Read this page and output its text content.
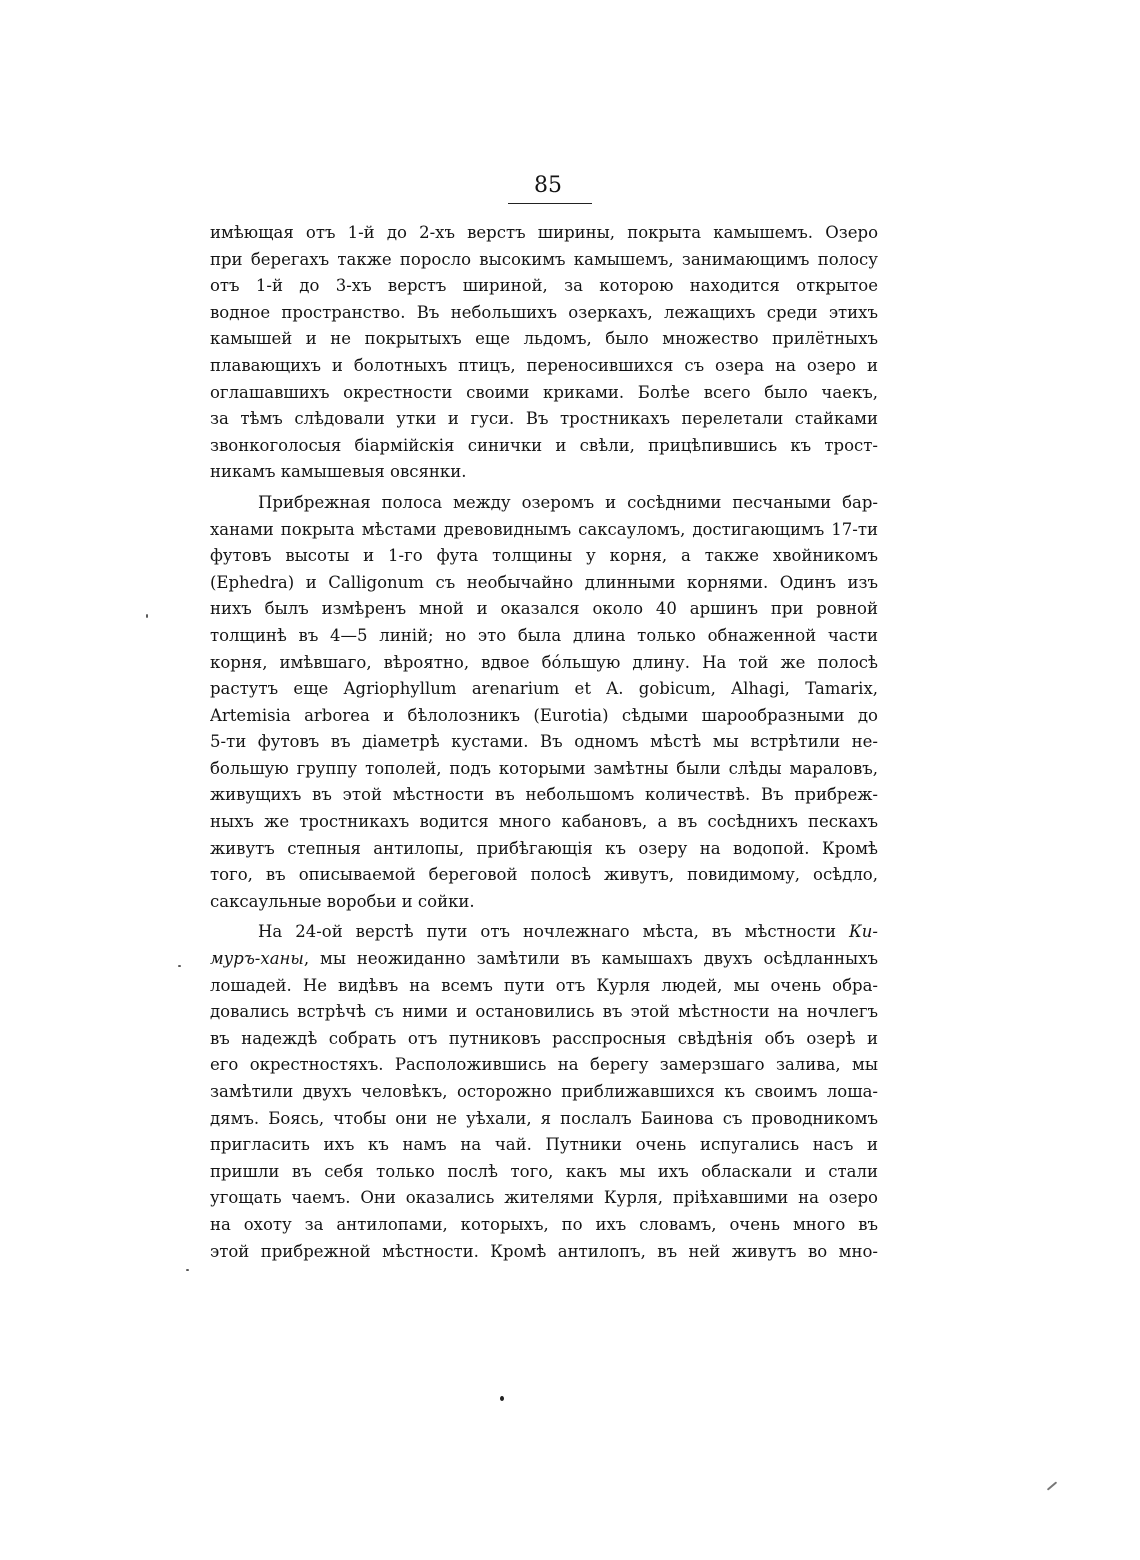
85
имѣющая отъ 1-й до 2-хъ верстъ ширины, покрыта камышемъ. Озеро
при берегахъ также поросло высокимъ камышемъ, занимающимъ полосу
отъ 1-й до 3-хъ верстъ шириной, за которою находится открытое
водное пространство. Въ небольшихъ озеркахъ, лежащихъ среди этихъ
камышей и не покрытыхъ еще льдомъ, было множество прилётныхъ
плавающихъ и болотныхъ птицъ, переносившихся съ озера на озеро и
оглашавшихъ окрестности своими криками. Болѣе всего было чаекъ,
за тѣмъ слѣдовали утки и гуси. Въ тростникахъ перелетали стайками
звонкоголосыя біармійскія синички и свѣли, прицѣпившись къ трост-
никамъ камышевыя овсянки.
Прибрежная полоса между озеромъ и сосѣдними песчаными бар-
ханами покрыта мѣстами древовиднымъ саксауломъ, достигающимъ 17-ти
футовъ высоты и 1-го фута толщины у корня, а также хвойникомъ
(Ephedra) и Calligonum съ необычайно длинными корнями. Одинъ изъ
нихъ былъ измѣренъ мной и оказался около 40 аршинъ при ровной
толщинѣ въ 4—5 линій; но это была длина только обнаженной части
корня, имѣвшаго, вѣроятно, вдвое бóльшую длину. На той же полосѣ
растутъ еще Agriophyllum arenarium et A. gobicum, Alhagi, Tamarix,
Artemisia arborea и бѣлолозникъ (Eurotia) сѣдыми шарообразными до
5-ти футовъ въ діаметрѣ кустами. Въ одномъ мѣстѣ мы встрѣтили не-
большую группу тополей, подъ которыми замѣтны были слѣды мараловъ,
живущихъ въ этой мѣстности въ небольшомъ количествѣ. Въ прибреж-
ныхъ же тростникахъ водится много кабановъ, а въ сосѣднихъ пескахъ
живутъ степныя антилопы, прибѣгающія къ озеру на водопой. Кромѣ
того, въ описываемой береговой полосѣ живутъ, повидимому, осѣдло,
саксаульные воробьи и сойки.
На 24-ой верстѣ пути отъ ночлежнаго мѣста, въ мѣстности Ки-
муръ-ханы, мы неожиданно замѣтили въ камышахъ двухъ осѣдланныхъ
лошадей. Не видѣвъ на всемъ пути отъ Курля людей, мы очень обра-
довались встрѣчѣ съ ними и остановились въ этой мѣстности на ночлегъ
въ надеждѣ собрать отъ путниковъ расспросныя свѣдѣнія объ озерѣ и
его окрестностяхъ. Расположившись на берегу замерзшаго залива, мы
замѣтили двухъ человѣкъ, осторожно приближавшихся къ своимъ лоша-
дямъ. Боясь, чтобы они не уѣхали, я послалъ Баинова съ проводникомъ
пригласить ихъ къ намъ на чай. Путники очень испугались насъ и
пришли въ себя только послѣ того, какъ мы ихъ обласкали и стали
угощать чаемъ. Они оказались жителями Курля, пріѣхавшими на озеро
на охоту за антилопами, которыхъ, по ихъ словамъ, очень много въ
этой прибрежной мѣстности. Кромѣ антилопъ, въ ней живутъ во мно-
